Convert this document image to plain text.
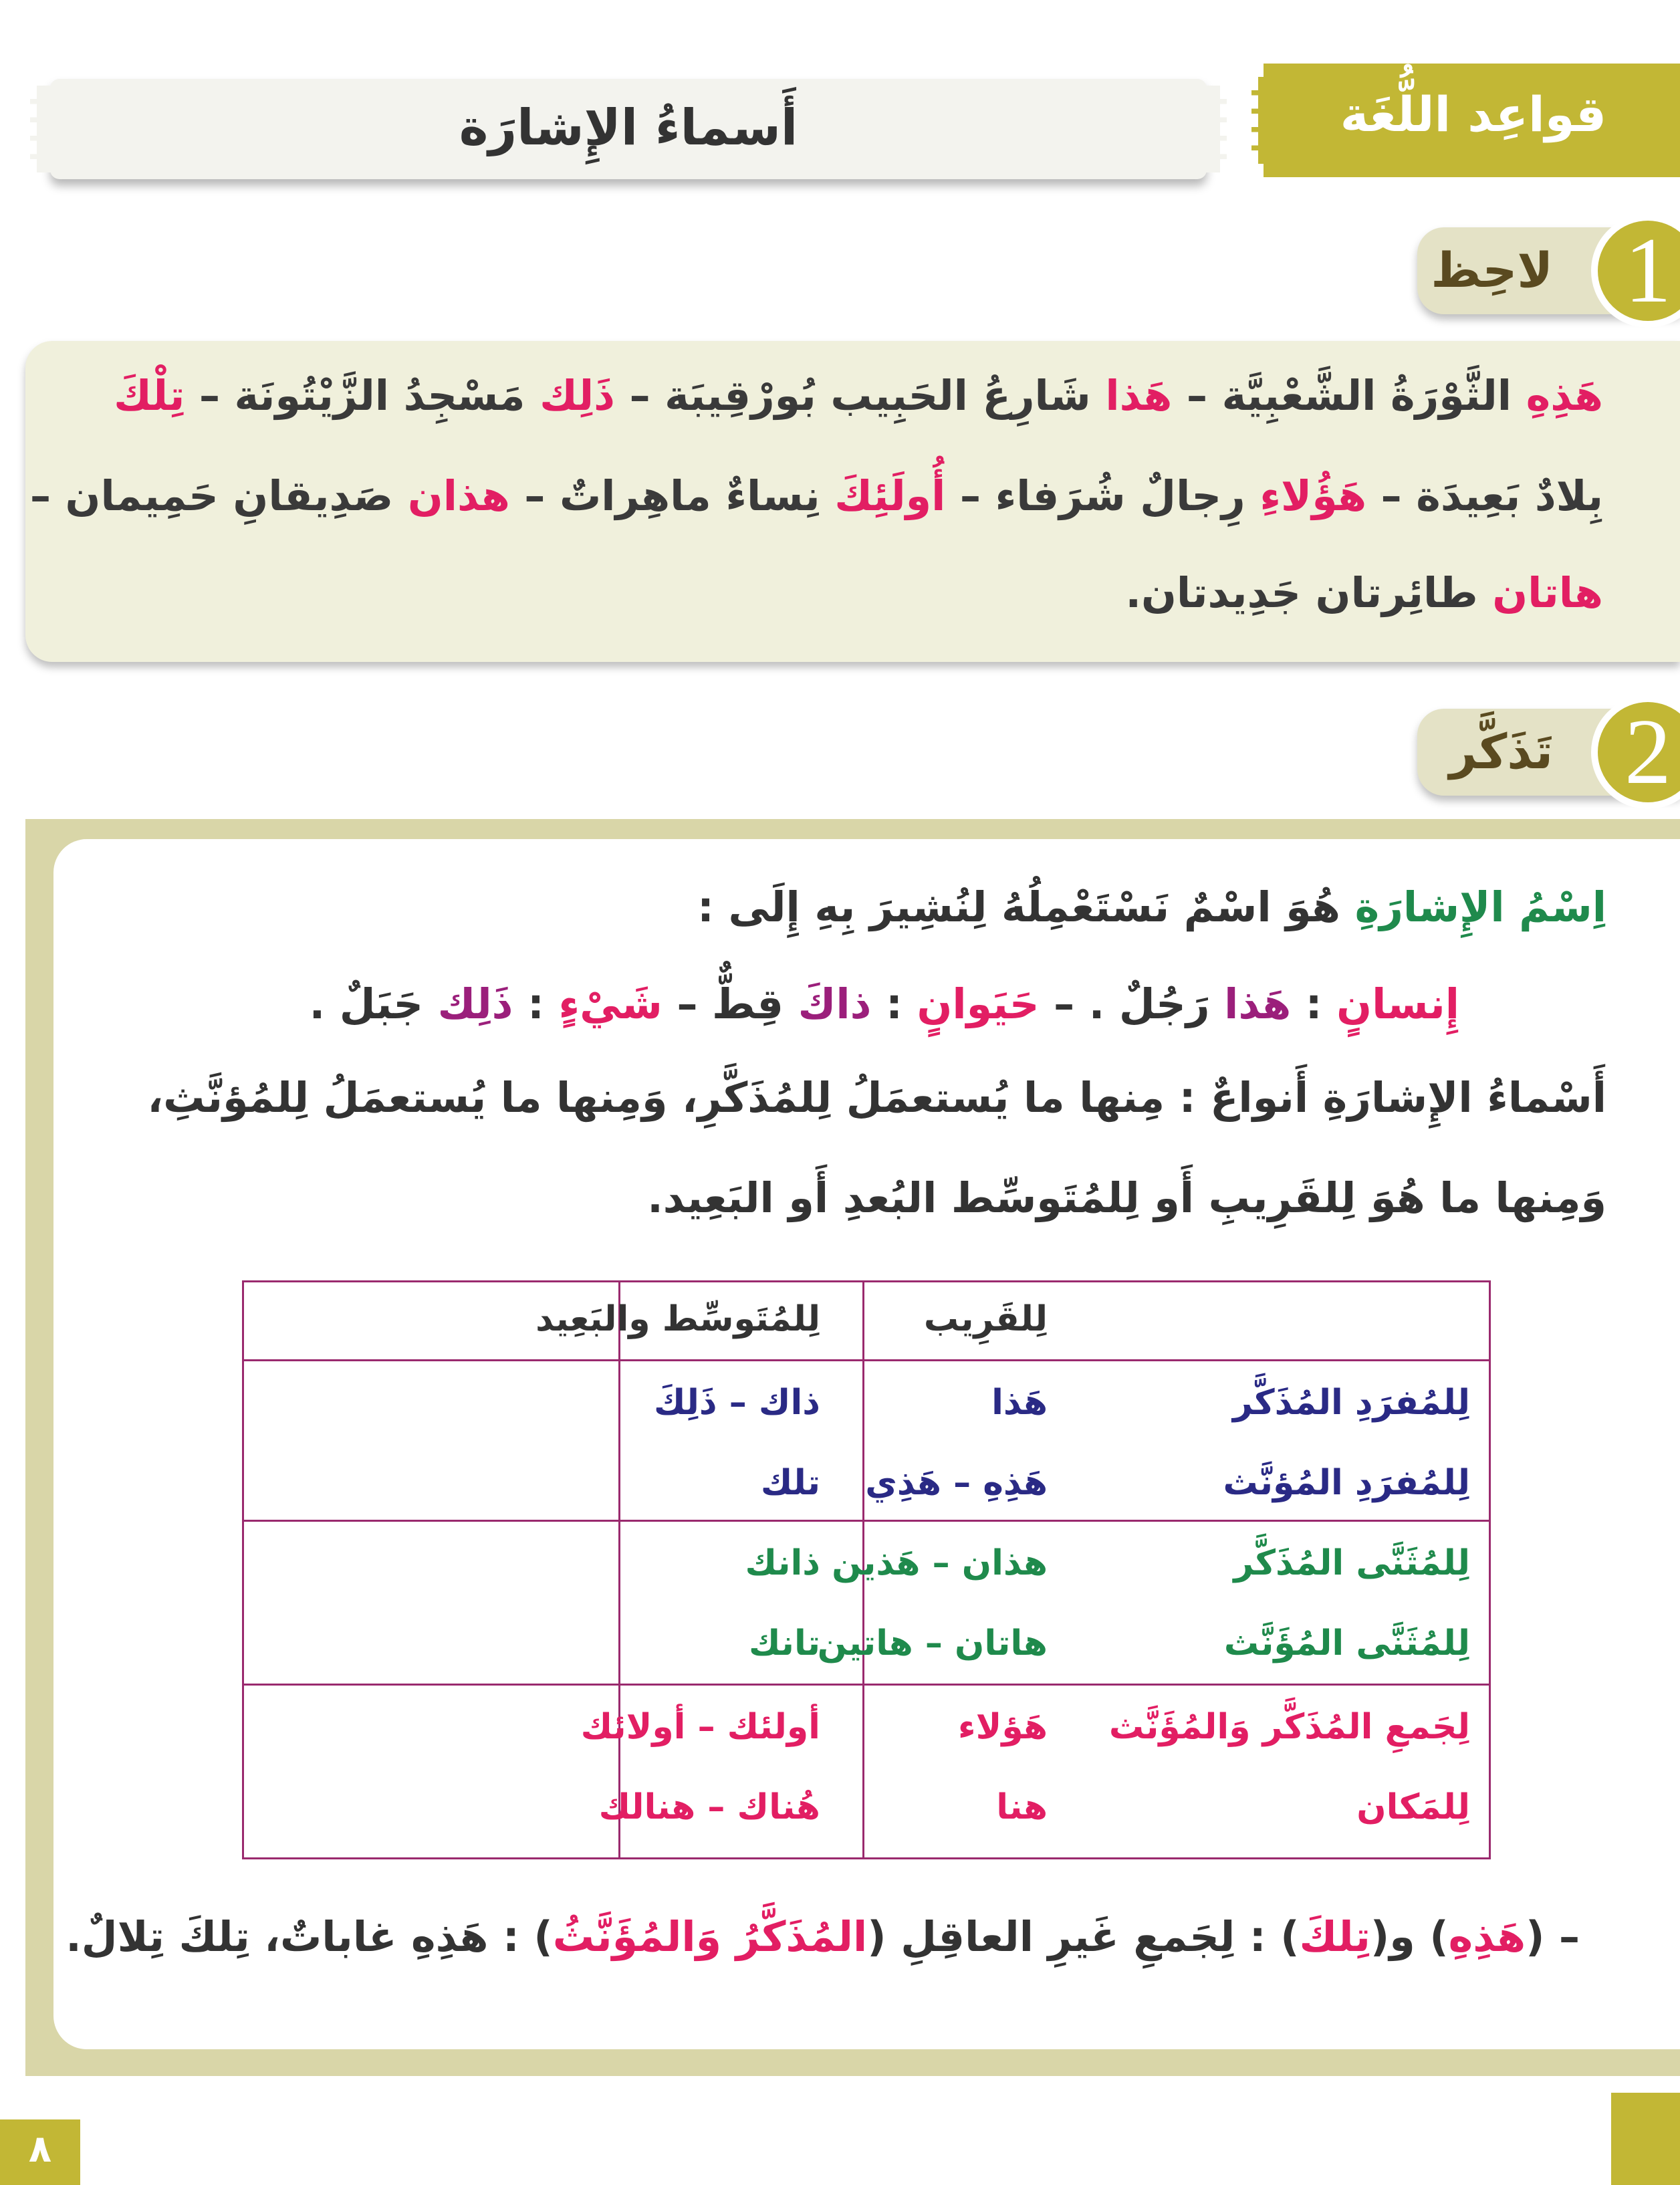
أَسماءُ الإِشارَة	قواعِد اللُّغَة
لاحِظ 1
هَذِهِ الثَّوْرَةُ الشَّعْبِيَّة – هَذا شَارِعُ الحَبِيب بُورْقِيبَة – ذَلِك مَسْجِدُ الزَّيْتُونَة – تِلْكَ
بِلادٌ بَعِيدَة – هَؤُلاءِ رِجالٌ شُرَفاء – أُولَئِكَ نِساءٌ ماهِراتٌ – هذان صَدِيقانِ حَمِيمان –
هاتان طائِرتان جَدِيدتان.
تَذَكَّر 2
اِسْمُ الإِشارَةِ هُوَ اسْمٌ نَسْتَعْمِلُهُ لِنُشِيرَ بِهِ إِلَى :
إِنسانٍ : هَذا رَجُلٌ . – حَيَوانٍ : ذاكَ قِطٌّ – شَيْءٍ : ذَلِك جَبَلٌ .
أَسْماءُ الإِشارَةِ أَنواعٌ : مِنها ما يُستعمَلُ لِلمُذَكَّرِ، وَمِنها ما يُستعمَلُ لِلمُؤنَّثِ،
وَمِنها ما هُوَ لِلقَرِيبِ أَو لِلمُتَوسِّط البُعدِ أَو البَعِيد.
لِلقَرِيب
لِلمُتَوسِّط والبَعِيد
لِلمُفرَدِ المُذَكَّر
هَذا
ذاك – ذَلِكَ
لِلمُفرَدِ المُؤنَّث
هَذِهِ – هَذِي
تلك
لِلمُثَنَّى المُذَكَّر
هذان – هَذين
ذانك
لِلمُثَنَّى المُؤَنَّث
هاتان – هاتين
تانك
لِجَمعِ المُذَكَّر وَالمُؤَنَّث
هَؤلاء
أولئك – أولائك
لِلمَكان
هنا
هُناك – هنالك
– (هَذِهِ) و(تِلكَ) : لِجَمعِ غَيرِ العاقِلِ (المُذَكَّرُ وَالمُؤَنَّثُ) : هَذِهِ غاباتٌ، تِلكَ تِلالٌ.
٨
